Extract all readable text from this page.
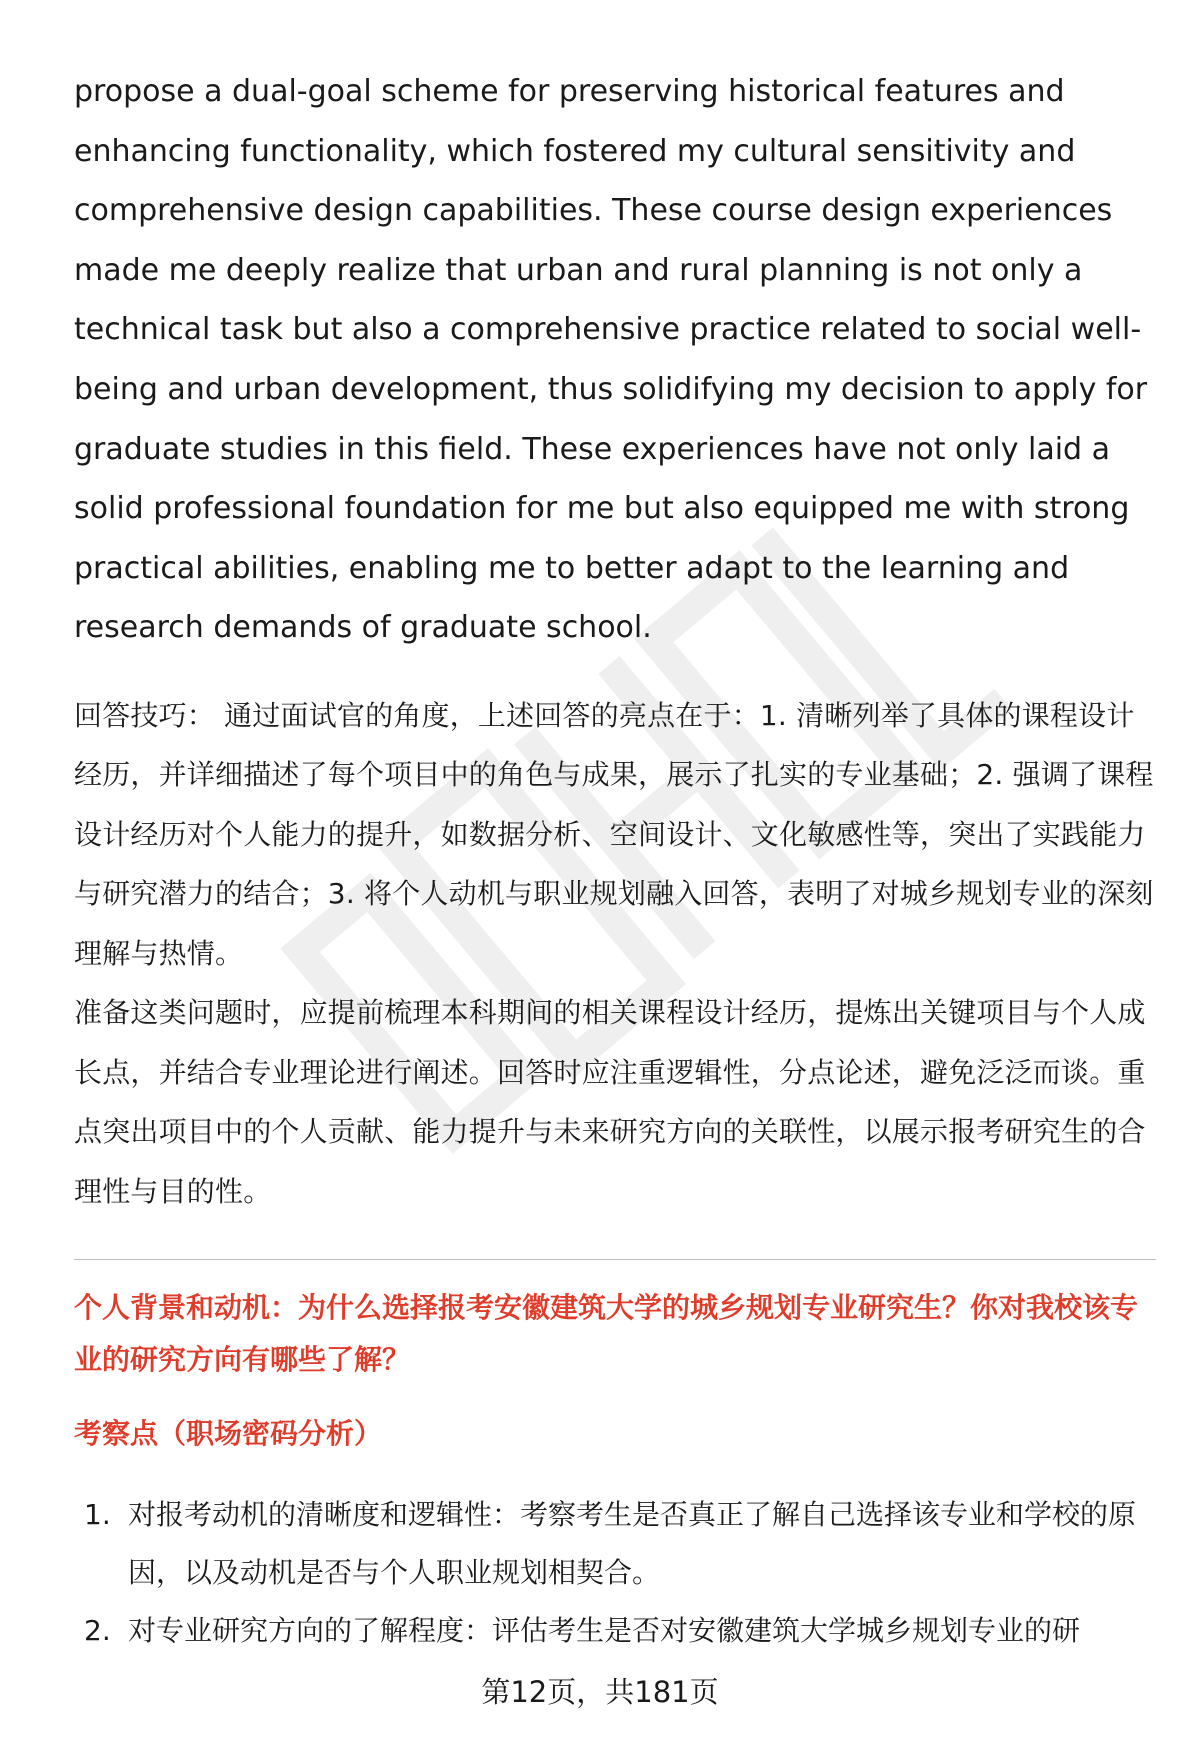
propose a dual-goal scheme for preserving historical features and enhancing functionality, which fostered my cultural sensitivity and comprehensive design capabilities. These course design experiences made me deeply realize that urban and rural planning is not only a technical task but also a comprehensive practice related to social well-being and urban development, thus solidifying my decision to apply for graduate studies in this field. These experiences have not only laid a solid professional foundation for me but also equipped me with strong practical abilities, enabling me to better adapt to the learning and research demands of graduate school.

回答技巧： 通过面试官的角度，上述回答的亮点在于：1. 清晰列举了具体的课程设计经历，并详细描述了每个项目中的角色与成果，展示了扎实的专业基础；2. 强调了课程设计经历对个人能力的提升，如数据分析、空间设计、文化敏感性等，突出了实践能力与研究潜力的结合；3. 将个人动机与职业规划融入回答，表明了对城乡规划专业的深刻理解与热情。

准备这类问题时，应提前梳理本科期间的相关课程设计经历，提炼出关键项目与个人成长点，并结合专业理论进行阐述。回答时应注重逻辑性，分点论述，避免泛泛而谈。重点突出项目中的个人贡献、能力提升与未来研究方向的关联性，以展示报考研究生的合理性与目的性。

个人背景和动机：为什么选择报考安徽建筑大学的城乡规划专业研究生？你对我校该专业的研究方向有哪些了解？
考察点（职场密码分析）
1. 对报考动机的清晰度和逻辑性：考察考生是否真正了解自己选择该专业和学校的原因，以及动机是否与个人职业规划相契合。
2. 对专业研究方向的了解程度：评估考生是否对安徽建筑大学城乡规划专业的研
第12页，共181页
